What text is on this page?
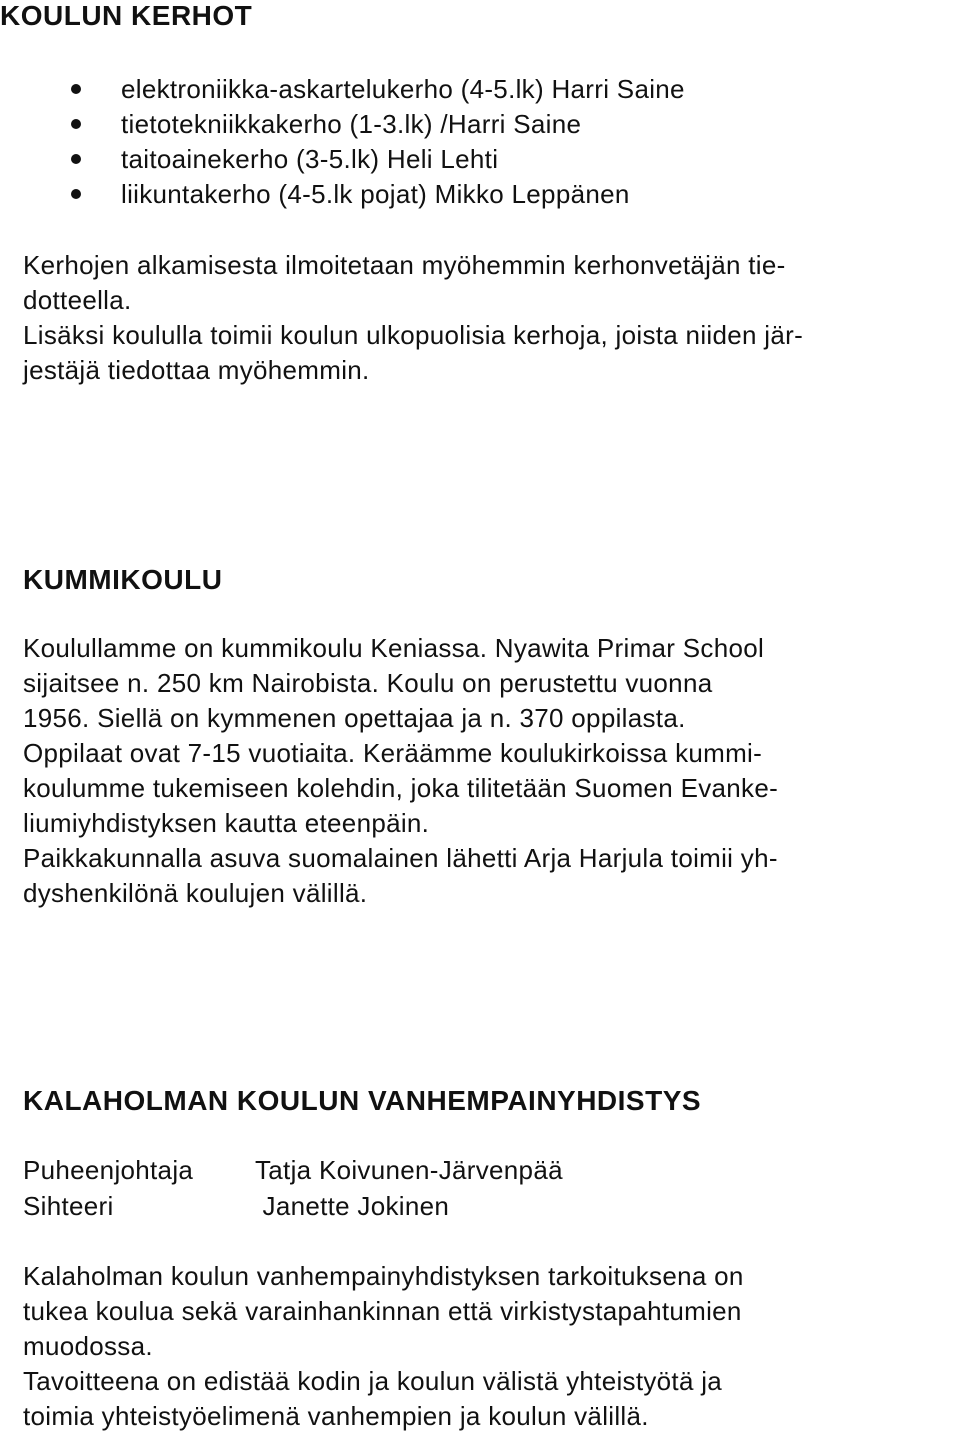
KOULUN KERHOT
elektroniikka-askartelukerho (4-5.lk) Harri Saine
tietotekniikkakerho (1-3.lk) /Harri Saine
taitoainekerho (3-5.lk) Heli Lehti
liikuntakerho (4-5.lk pojat) Mikko Leppänen

Kerhojen alkamisesta ilmoitetaan myöhemmin kerhonvetäjän tie-

dotteella.

Lisäksi koululla toimii koulun ulkopuolisia kerhoja, joista niiden jär-

jestäjä tiedottaa myöhemmin.

KUMMIKOULU

Koulullamme on kummikoulu Keniassa. Nyawita Primar School

sijaitsee n. 250 km Nairobista. Koulu on perustettu vuonna

1956. Siellä on kymmenen opettajaa ja n. 370 oppilasta.

Oppilaat ovat 7-15 vuotiaita. Keräämme koulukirkoissa kummi-

koulumme tukemiseen kolehdin, joka tilitetään Suomen Evanke-

liumiyhdistyksen kautta eteenpäin.

Paikkakunnalla asuva suomalainen lähetti Arja Harjula toimii yh-

dyshenkilönä koulujen välillä.

KALAHOLMAN KOULUN VANHEMPAINYHDISTYS
Puheenjohtaja Tatja Koivunen-Järvenpää
Sihteeri	Janette Jokinen

Kalaholman koulun vanhempainyhdistyksen tarkoituksena on

tukea koulua sekä varainhankinnan että virkistystapahtumien

muodossa.

Tavoitteena on edistää kodin ja koulun välistä yhteistyötä ja

toimia yhteistyöelimenä vanhempien ja koulun välillä.
